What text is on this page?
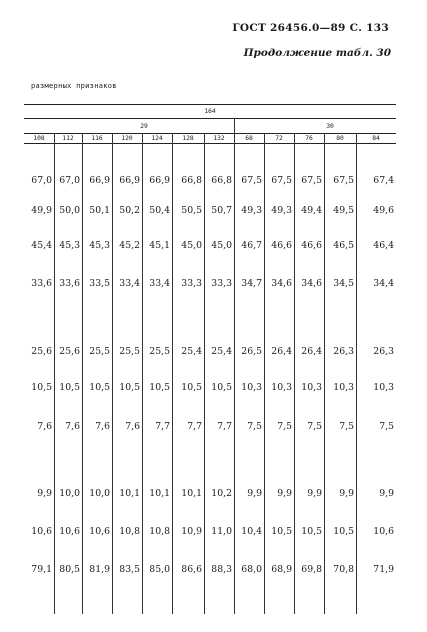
ГОСТ 26456.0—89 С. 133
Продолжение табл. 30
размерных признаков
164
29	30
108	112	116	120	124	128	132	68	72	76	80	84
67,0 67,0 66,9 66,9 66,9	66,8 66,8 67,5 67,5 67,5	67,5	67,4
49,9 50,0 50,1 50,2 50,4	50,5 50,7 49,3 49,3 49,4	49,5	49,6
45,4 45,3 45,3 45,2 45,1	45,0 45,0 46,7 46,6 46,6	46,5	46,4
33,6 33,6 33,5 33,4 33,4	33,3 33,3 34,7 34,6 34,6	34,5	34,4
25,6 25,6 25,5 25,5 25,5	25,4 25,4 26,5 26,4 26,4	26,3	26,3
10,5 10,5 10,5 10,5 10,5	10,5 10,5 10,3 10,3 10,3	10,3	10,3
7,6	7,6	7,6	7,6	7,7	7,7	7,7	7,5	7,5	7,5	7,5	7,5
9,9 10,0 10,0 10,1 10,1	10,1 10,2	9,9	9,9	9,9	9,9	9,9
10,6 10,6 10,6 10,8 10,8	10,9 11,0 10,4 10,5 10,5	10,5	10,6
79,1 80,5 81,9 83,5 85,0	86,6 88,3 68,0 68,9 69,8	70,8	71,9
